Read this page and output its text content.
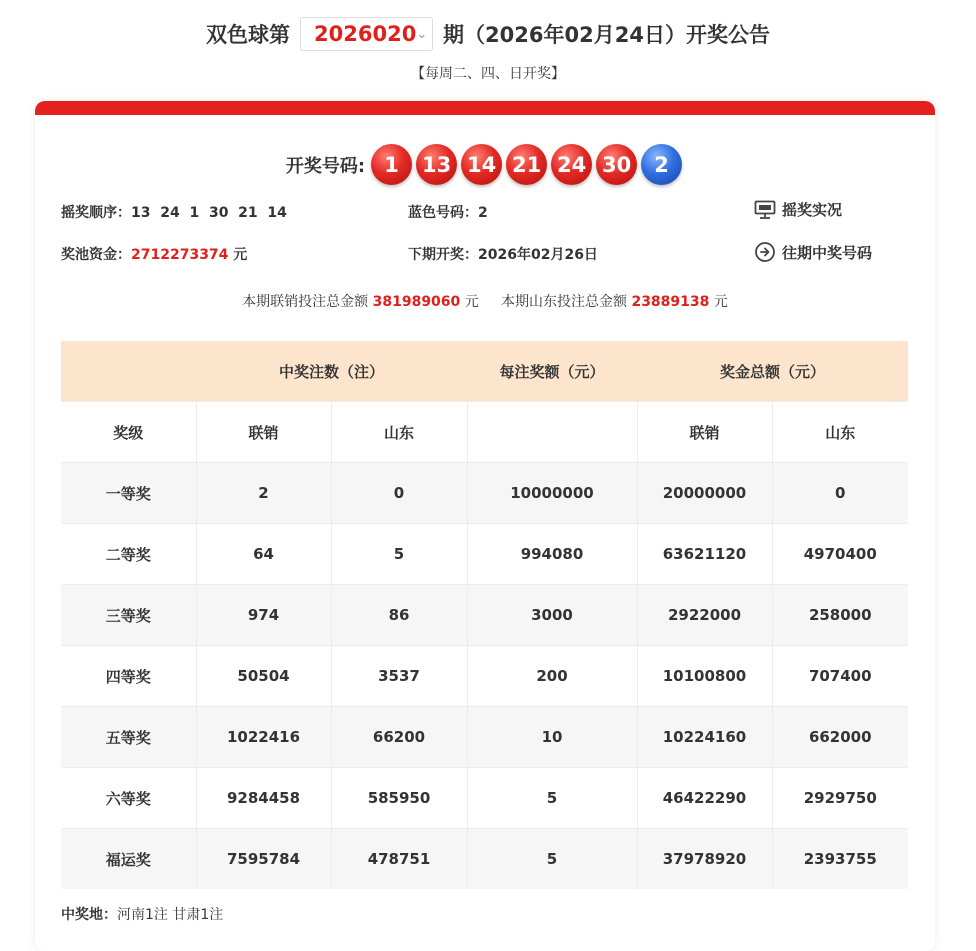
双色球第 2026020 ⌄ 期（2026年02月24日）开奖公告
【每周二、四、日开奖】
开奖号码: 1	13 14 21 24 30	2
摇奖顺序：13  24  1  30  21  14	蓝色号码：2	摇奖实况
奖池资金：2712273374 元	下期开奖：2026年02月26日	往期中奖号码
本期联销投注总金额 381989060 元 本期山东投注总金额 23889138 元
	中奖注数（注）		每注奖额（元）	奖金总额（元）	
奖级	联销	山东		联销	山东
一等奖	2	0	10000000	20000000	0
二等奖	64	5	994080	63621120	4970400
三等奖	974	86	3000	2922000	258000
四等奖	50504	3537	200	10100800	707400
五等奖	1022416	66200	10	10224160	662000
六等奖	9284458	585950	5	46422290	2929750
福运奖	7595784	478751	5	37978920	2393755
中奖地：河南1注 甘肃1注
